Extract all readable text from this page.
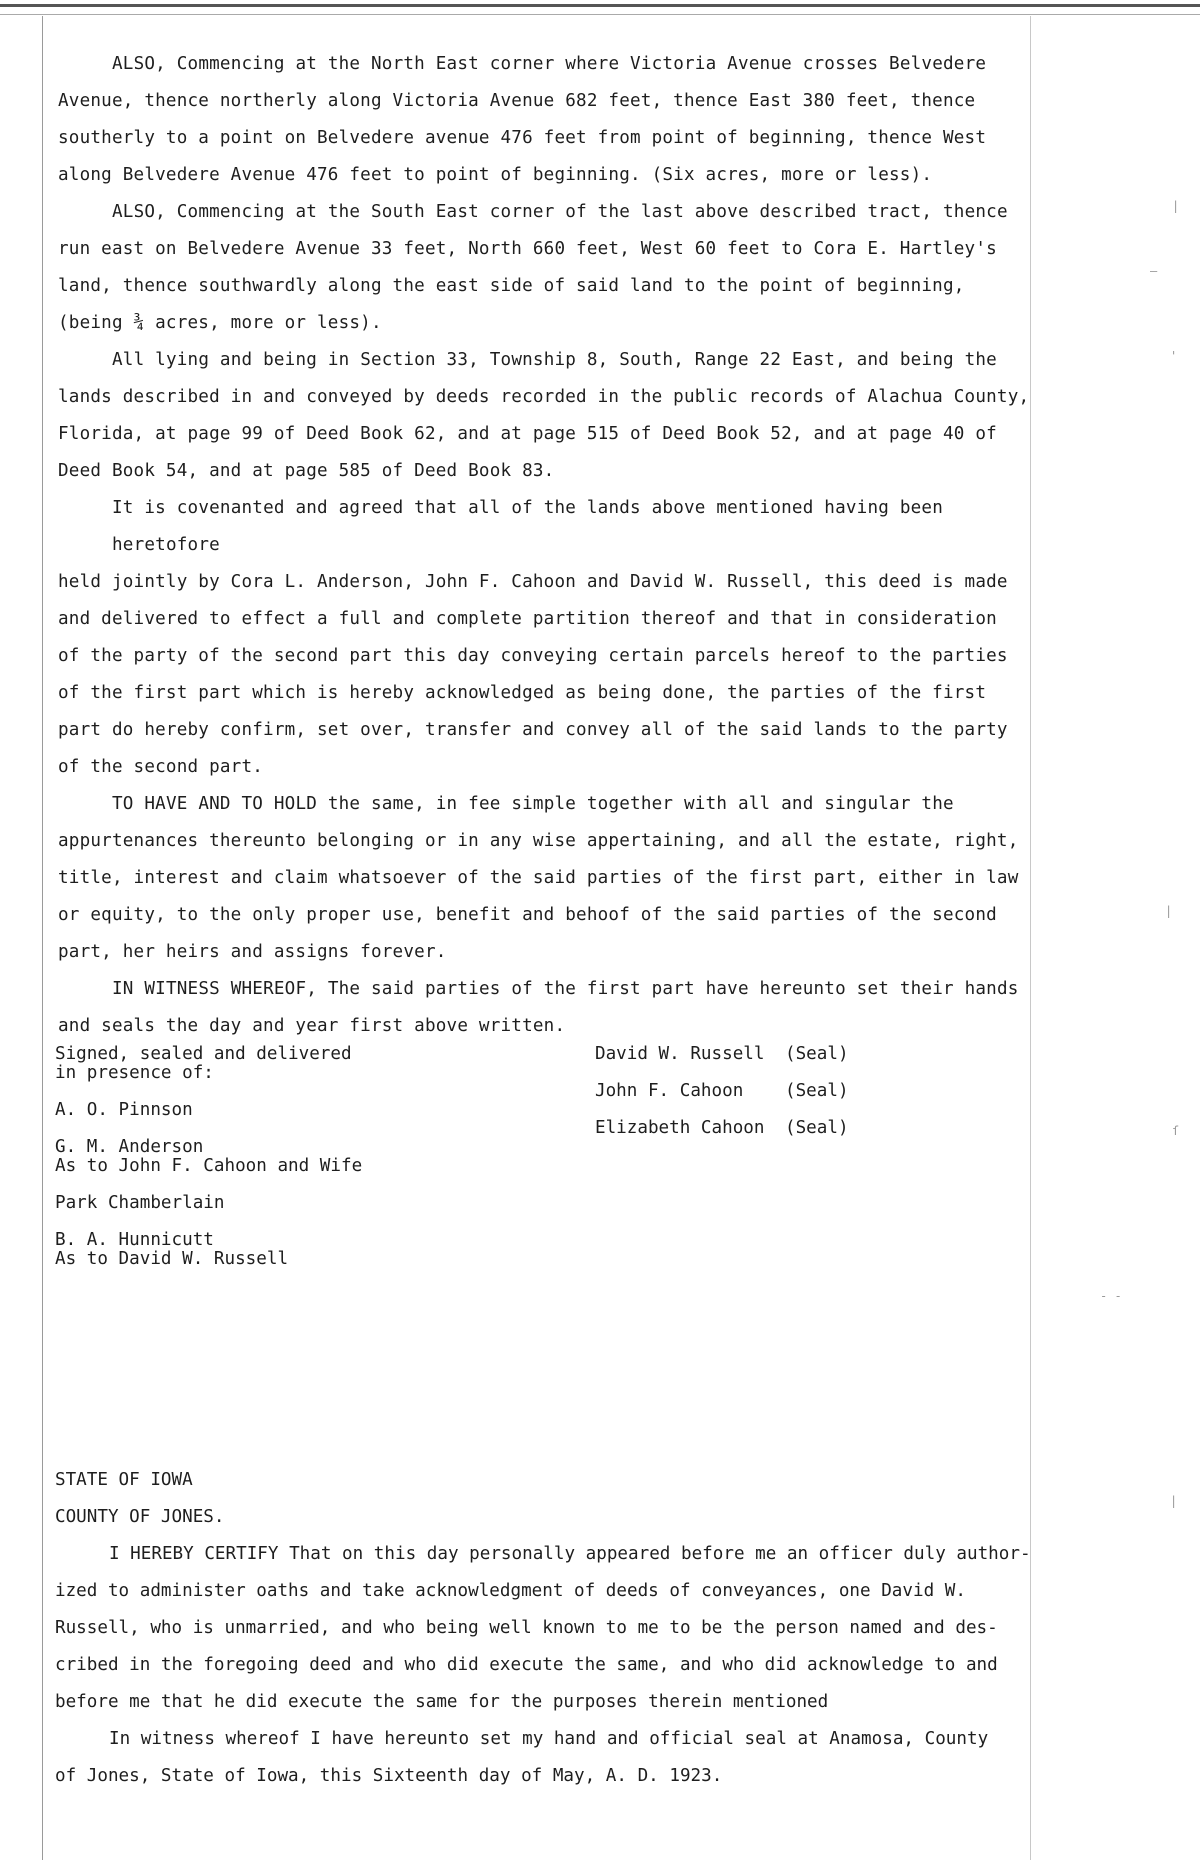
|
—
'
|
ſ
- -
|
ALSO, Commencing at the North East corner where Victoria Avenue crosses Belvedere
Avenue, thence northerly along Victoria Avenue 682 feet, thence East 380 feet, thence
southerly to a point on Belvedere avenue 476 feet from point of beginning, thence West
along Belvedere Avenue 476 feet to point of beginning. (Six acres, more or less).
ALSO, Commencing at the South East corner of the last above described tract, thence
run east on Belvedere Avenue 33 feet, North 660 feet, West 60 feet to Cora E. Hartley's
land, thence southwardly along the east side of said land to the point of beginning,
(being ¾ acres, more or less).
All lying and being in Section 33, Township 8, South, Range 22 East, and being the
lands described in and conveyed by deeds recorded in the public records of Alachua County,
Florida, at page 99 of Deed Book 62, and at page 515 of Deed Book 52, and at page 40 of
Deed Book 54, and at page 585 of Deed Book 83.
It is covenanted and agreed that all of the lands above mentioned having been heretofore
held jointly by Cora L. Anderson, John F. Cahoon and David W. Russell, this deed is made
and delivered to effect a full and complete partition thereof and that in consideration
of the party of the second part this day conveying certain parcels hereof to the parties
of the first part which is hereby acknowledged as being done, the parties of the first
part do hereby confirm, set over, transfer and convey all of the said lands to the party
of the second part.
TO HAVE AND TO HOLD the same, in fee simple together with all and singular the
appurtenances thereunto belonging or in any wise appertaining, and all the estate, right,
title, interest and claim whatsoever of the said parties of the first part, either in law
or equity, to the only proper use, benefit and behoof of the said parties of the second
part, her heirs and assigns forever.
IN WITNESS WHEREOF, The said parties of the first part have hereunto set their hands
and seals the day and year first above written.
Signed, sealed and delivered
in presence of:
A. O. Pinnson
G. M. Anderson
As to John F. Cahoon and Wife
Park Chamberlain
B. A. Hunnicutt
As to David W. Russell
David W. Russell	(Seal)
John F. Cahoon	(Seal)
Elizabeth Cahoon	(Seal)
STATE OF IOWA
COUNTY OF JONES.
I HEREBY CERTIFY That on this day personally appeared before me an officer duly author-
ized to administer oaths and take acknowledgment of deeds of conveyances, one David W.
Russell, who is unmarried, and who being well known to me to be the person named and des-
cribed in the foregoing deed and who did execute the same, and who did acknowledge to and
before me that he did execute the same for the purposes therein mentioned
In witness whereof I have hereunto set my hand and official seal at Anamosa, County
of Jones, State of Iowa, this Sixteenth day of May, A. D. 1923.
